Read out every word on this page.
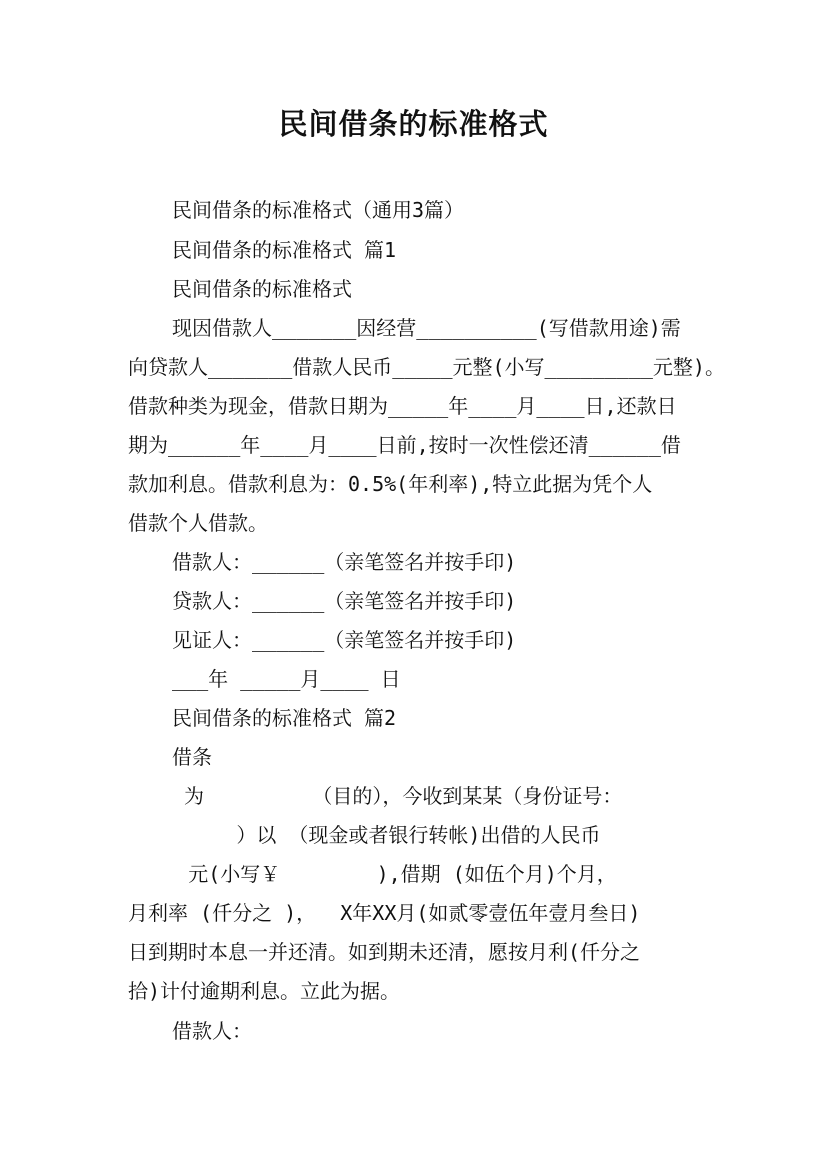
民间借条的标准格式
民间借条的标准格式（通用3篇）
民间借条的标准格式 篇1
民间借条的标准格式
现因借款人_______因经营__________(写借款用途)需
向贷款人_______借款人民币_____元整(小写_________元整)。
借款种类为现金，借款日期为_____年____月____日,还款日
期为______年____月____日前,按时一次性偿还清______借
款加利息。借款利息为：0.5%(年利率),特立此据为凭个人
借款个人借款。
借款人：______（亲笔签名并按手印)
贷款人：______（亲笔签名并按手印)
见证人：______（亲笔签名并按手印)
___年 _____月____ 日
民间借条的标准格式 篇2
借条
为         （目的），今收到某某（身份证号：
）以 （现金或者银行转帐)出借的人民币
元(小写￥        ),借期 (如伍个月)个月，
月利率 (仟分之 )，  X年XX月(如贰零壹伍年壹月叁日)
日到期时本息一并还清。如到期未还清，愿按月利(仟分之
拾)计付逾期利息。立此为据。
借款人：
